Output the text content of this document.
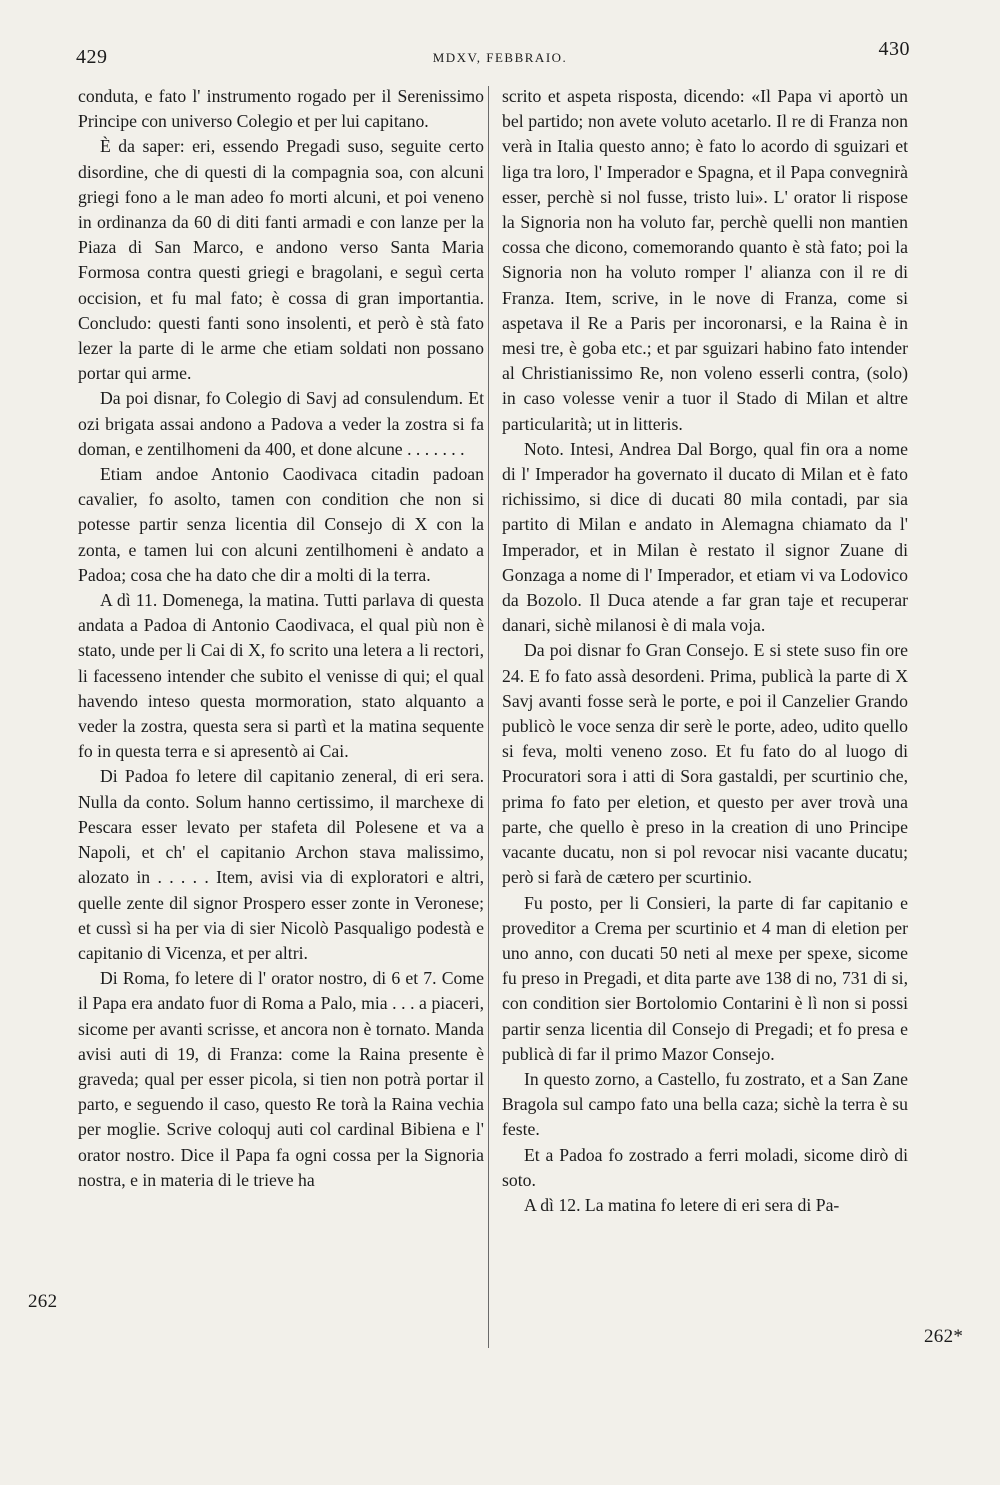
429	MDXV, FEBBRAIO.	430

conduta, e fato l' instrumento rogado per il Serenissimo Principe con universo Colegio et per lui capitano.

È da saper: eri, essendo Pregadi suso, seguite certo disordine, che di questi di la compagnia soa, con alcuni griegi fono a le man adeo fo morti alcuni, et poi veneno in ordinanza da 60 di diti fanti armadi e con lanze per la Piaza di San Marco, e andono verso Santa Maria Formosa contra questi griegi e bragolani, e seguì certa occision, et fu mal fato; è cossa di gran importantia. Concludo: questi fanti sono insolenti, et però è stà fato lezer la parte di le arme che etiam soldati non possano portar qui arme.

Da poi disnar, fo Colegio di Savj ad consulendum. Et ozi brigata assai andono a Padova a veder la zostra si fa doman, e zentilhomeni da 400, et done alcune . . . . . . .

Etiam andoe Antonio Caodivaca citadin padoan cavalier, fo asolto, tamen con condition che non si potesse partir senza licentia dil Consejo di X con la zonta, e tamen lui con alcuni zentilhomeni è andato a Padoa; cosa che ha dato che dir a molti di la terra.

A dì 11. Domenega, la matina. Tutti parlava di questa andata a Padoa di Antonio Caodivaca, el qual più non è stato, unde per li Cai di X, fo scrito una letera a li rectori, li facesseno intender che subito el venisse di qui; el qual havendo inteso questa mormoration, stato alquanto a veder la zostra, questa sera si partì et la matina sequente fo in questa terra e si apresentò ai Cai.

Di Padoa fo letere dil capitanio zeneral, di eri sera. Nulla da conto. Solum hanno certissimo, il marchexe di Pescara esser levato per stafeta dil Polesene et va a Napoli, et ch' el capitanio Archon stava malissimo, alozato in . . . . . Item, avisi via di exploratori e altri, quelle zente dil signor Prospero esser zonte in Veronese; et cussì si ha per via di sier Nicolò Pasqualigo podestà e capitanio di Vicenza, et per altri.

Di Roma, fo letere di l' orator nostro, di 6 et 7. Come il Papa era andato fuor di Roma a Palo, mia . . . a piaceri, sicome per avanti scrisse, et ancora non è tornato. Manda avisi auti di 19, di Franza: come la Raina presente è graveda; qual per esser picola, si tien non potrà portar il parto, e seguendo il caso, questo Re torà la Raina vechia per moglie. Scrive coloquj auti col cardinal Bibiena e l' orator nostro. Dice il Papa fa ogni cossa per la Signoria nostra, e in materia di le trieve ha

scrito et aspeta risposta, dicendo: «Il Papa vi aportò un bel partido; non avete voluto acetarlo. Il re di Franza non verà in Italia questo anno; è fato lo acordo di sguizari et liga tra loro, l' Imperador e Spagna, et il Papa convegnirà esser, perchè si nol fusse, tristo lui». L' orator li rispose la Signoria non ha voluto far, perchè quelli non mantien cossa che dicono, comemorando quanto è stà fato; poi la Signoria non ha voluto romper l' alianza con il re di Franza. Item, scrive, in le nove di Franza, come si aspetava il Re a Paris per incoronarsi, e la Raina è in mesi tre, è goba etc.; et par sguizari habino fato intender al Christianissimo Re, non voleno esserli contra, (solo) in caso volesse venir a tuor il Stado di Milan et altre particularità; ut in litteris.

Noto. Intesi, Andrea Dal Borgo, qual fin ora a nome di l' Imperador ha governato il ducato di Milan et è fato richissimo, si dice di ducati 80 mila contadi, par sia partito di Milan e andato in Alemagna chiamato da l' Imperador, et in Milan è restato il signor Zuane di Gonzaga a nome di l' Imperador, et etiam vi va Lodovico da Bozolo. Il Duca atende a far gran taje et recuperar danari, sichè milanosi è di mala voja.

Da poi disnar fo Gran Consejo. E si stete suso fin ore 24. E fo fato assà desordeni. Prima, publicà la parte di X Savj avanti fosse serà le porte, e poi il Canzelier Grando publicò le voce senza dir serè le porte, adeo, udito quello si feva, molti veneno zoso. Et fu fato do al luogo di Procuratori sora i atti di Sora gastaldi, per scurtinio che, prima fo fato per eletion, et questo per aver trovà una parte, che quello è preso in la creation di uno Principe vacante ducatu, non si pol revocar nisi vacante ducatu; però si farà de cætero per scurtinio.

Fu posto, per li Consieri, la parte di far capitanio e proveditor a Crema per scurtinio et 4 man di eletion per uno anno, con ducati 50 neti al mexe per spexe, sicome fu preso in Pregadi, et dita parte ave 138 di no, 731 di si, con condition sier Bortolomio Contarini è lì non si possi partir senza licentia dil Consejo di Pregadi; et fo presa e publicà di far il primo Mazor Consejo.

In questo zorno, a Castello, fu zostrato, et a San Zane Bragola sul campo fato una bella caza; sichè la terra è su feste.

Et a Padoa fo zostrado a ferri moladi, sicome dirò di soto.

A dì 12. La matina fo letere di eri sera di Pa-

262
262*
